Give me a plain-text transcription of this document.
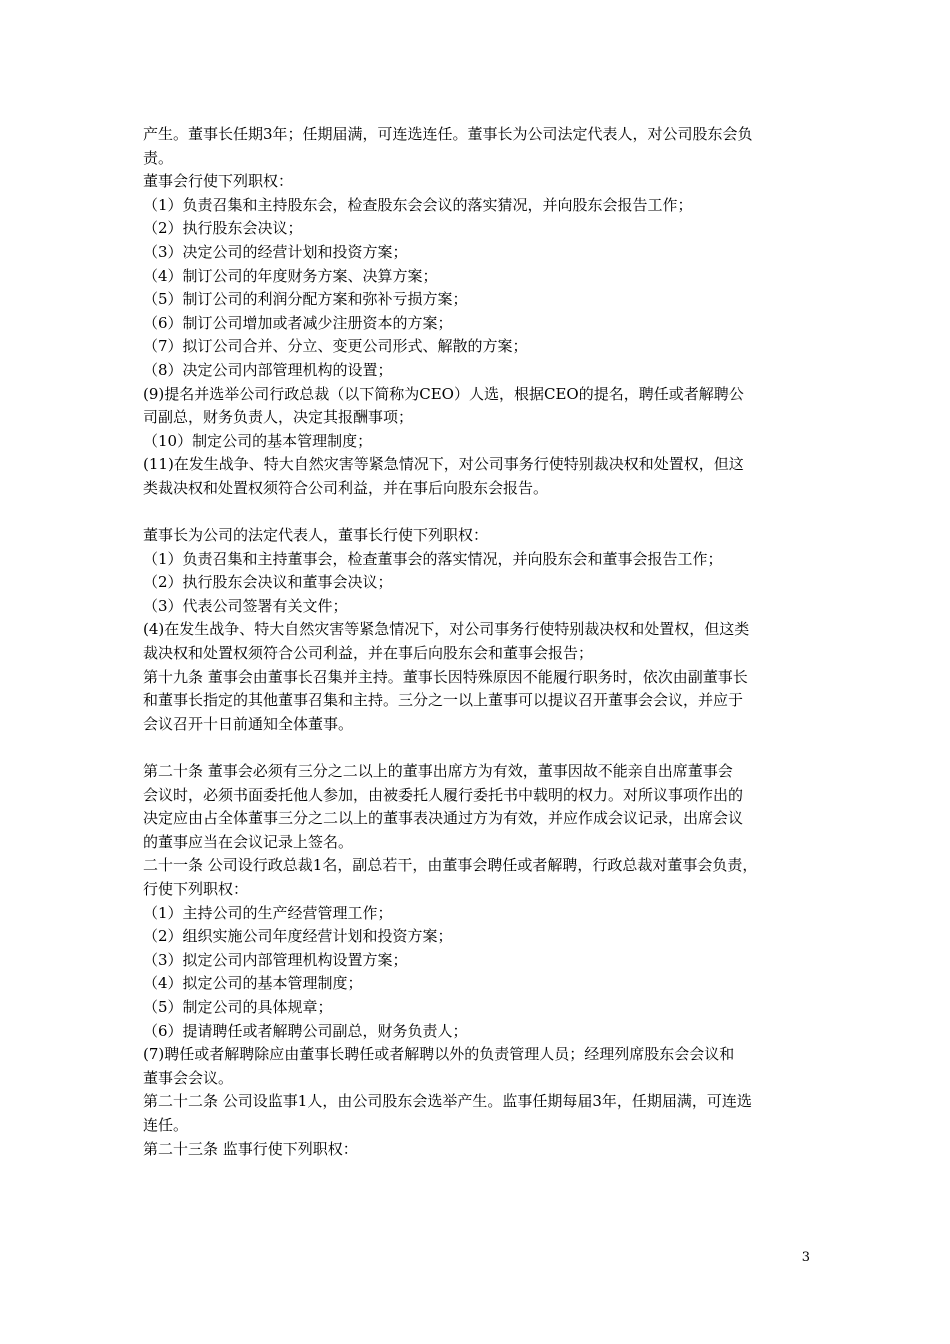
产生。董事长任期3年；任期届满，可连选连任。董事长为公司法定代表人，对公司股东会负
责。
董事会行使下列职权：
（1）负责召集和主持股东会，检查股东会会议的落实猜况，并向股东会报告工作；
（2）执行股东会决议；
（3）决定公司的经营计划和投资方案；
（4）制订公司的年度财务方案、决算方案；
（5）制订公司的利润分配方案和弥补亏损方案；
（6）制订公司增加或者减少注册资本的方案；
（7）拟订公司合并、分立、变更公司形式、解散的方案；
（8）决定公司内部管理机构的设置；
(9)提名并选举公司行政总裁（以下简称为CEO）人选，根据CEO的提名，聘任或者解聘公
司副总，财务负责人，决定其报酬事项；
（10）制定公司的基本管理制度；
(11)在发生战争、特大自然灾害等紧急情况下，对公司事务行使特别裁决权和处置权，但这
类裁决权和处置权须符合公司利益，并在事后向股东会报告。
董事长为公司的法定代表人，董事长行使下列职权：
（1）负责召集和主持董事会，检查董事会的落实情况，并向股东会和董事会报告工作；
（2）执行股东会决议和董事会决议；
（3）代表公司签署有关文件；
(4)在发生战争、特大自然灾害等紧急情况下，对公司事务行使特别裁决权和处置权，但这类
裁决权和处置权须符合公司利益，并在事后向股东会和董事会报告；
第十九条 董事会由董事长召集并主持。董事长因特殊原因不能履行职务时，依次由副董事长
和董事长指定的其他董事召集和主持。三分之一以上董事可以提议召开董事会会议，并应于
会议召开十日前通知全体董事。
第二十条 董事会必须有三分之二以上的董事出席方为有效，董事因故不能亲自出席董事会
会议时，必须书面委托他人参加，由被委托人履行委托书中载明的权力。对所议事项作出的
决定应由占全体董事三分之二以上的董事表决通过方为有效，并应作成会议记录，出席会议
的董事应当在会议记录上签名。
二十一条 公司设行政总裁1名，副总若干，由董事会聘任或者解聘，行政总裁对董事会负责，
行使下列职权：
（1）主持公司的生产经营管理工作；
（2）组织实施公司年度经营计划和投资方案；
（3）拟定公司内部管理机构设置方案；
（4）拟定公司的基本管理制度；
（5）制定公司的具体规章；
（6）提请聘任或者解聘公司副总，财务负责人；
(7)聘任或者解聘除应由董事长聘任或者解聘以外的负责管理人员；经理列席股东会会议和
董事会会议。
第二十二条 公司设监事1人，由公司股东会选举产生。监事任期每届3年，任期届满，可连选
连任。
第二十三条 监事行使下列职权：
3
